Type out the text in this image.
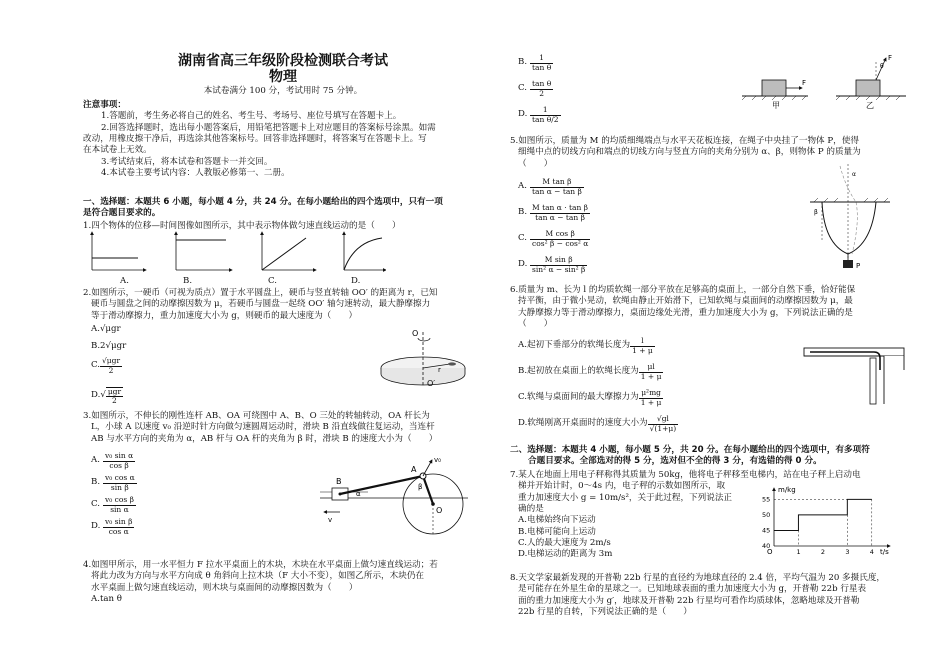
湖南省高三年级阶段检测联合考试
物理
本试卷满分 100 分，考试用时 75 分钟。
注意事项：
1.答题前，考生务必将自己的姓名、考生号、考场号、座位号填写在答题卡上。
2.回答选择题时，选出每小题答案后，用铅笔把答题卡上对应题目的答案标号涂黑。如需
改动，用橡皮擦干净后，再选涂其他答案标号。回答非选择题时，将答案写在答题卡上。写
在本试卷上无效。
3.考试结束后，将本试卷和答题卡一并交回。
4.本试卷主要考试内容：人教版必修第一、二册。
一、选择题：本题共 6 小题，每小题 4 分，共 24 分。在每小题给出的四个选项中，只有一项
是符合题目要求的。
1.四个物体的位移—时间图像如图所示，其中表示物体做匀速直线运动的是（　　）
A.	B.	C.	D.
2.如图所示，一硬币（可视为质点）置于水平圆盘上，硬币与竖直转轴 OO′ 的距离为 r，已知
硬币与圆盘之间的动摩擦因数为 μ，若硬币与圆盘一起绕 OO′ 轴匀速转动，最大静摩擦力
等于滑动摩擦力，重力加速度大小为 g，则硬币的最大速度为（　　）
A.√μgr
B.2√μgr
C. $\frac{\text{√μgr}}{2}$
D. √ $\frac{\text{μgr}}{2}$
O
O′
r
3.如图所示，不伸长的刚性连杆 AB、OA 可绕图中 A、B、O 三处的转轴转动，OA 杆长为
L，小球 A 以速度 v₀ 沿逆时针方向做匀速圆周运动时，滑块 B 沿直线做往复运动，当连杆
AB 与水平方向的夹角为 α，AB 杆与 OA 杆的夹角为 β 时，滑块 B 的速度大小为（　　）
A. $\frac{\text{v₀ sin α}}{\text{cos β}}$
B. $\frac{\text{v₀ cos α}}{\text{sin β}}$
C. $\frac{\text{v₀ cos β}}{\text{sin α}}$
D. $\frac{\text{v₀ sin β}}{\text{cos α}}$
B
A
O
v₀
v
α
β
4.如图甲所示，用一水平恒力 F 拉水平桌面上的木块，木块在水平桌面上做匀速直线运动；若
将此力改为方向与水平方向成 θ 角斜向上拉木块（F 大小不变），如图乙所示，木块仍在
水平桌面上做匀速直线运动，则木块与桌面间的动摩擦因数为（　　）
A.tan θ
B. $\frac{1}{\text{tan θ}}$
C. $\frac{\text{tan θ}}{2}$
D. $\frac{1}{\text{tan θ/2}}$
F
甲
F
θ
乙
5.如图所示，质量为 M 的均质细绳端点与水平天花板连接，在绳子中央挂了一物体 P，使得
细绳中点的切线方向和端点的切线方向与竖直方向的夹角分别为 α、β，则物体 P 的质量为
（　　）
A. $\frac{\text{M tan β}}{\text{tan α − tan β}}$
B. $\frac{\text{M tan α · tan β}}{\text{tan α − tan β}}$
C. $\frac{\text{M cos β}}{\text{cos² β − cos² α}}$
D. $\frac{\text{M sin β}}{\text{sin² α − sin² β}}$	P
α
β
6.质量为 m、长为 l 的均质软绳一部分平放在足够高的桌面上，一部分自然下垂，恰好能保
持平衡，由于微小晃动，软绳由静止开始滑下，已知软绳与桌面间的动摩擦因数为 μ，最
大静摩擦力等于滑动摩擦力，桌面边缘处光滑，重力加速度大小为 g，下列说法正确的是
（　　）
A.起初下垂部分的软绳长度为 $\frac{l}{1 + \mu}$
B.起初放在桌面上的软绳长度为 $\frac{\mu l}{1 + \mu}$
C.软绳与桌面间的最大摩擦力为 $\frac{\text{μ²mg}}{1 + \mu}$
D.软绳刚离开桌面时的速度大小为 $\frac{√gl}{√(1+\mu)}$
二、选择题：本题共 4 小题，每小题 5 分，共 20 分。在每小题给出的四个选项中，有多项符
合题目要求。全部选对的得 5 分，选对但不全的得 3 分，有选错的得 0 分。
7.某人在地面上用电子秤称得其质量为 50kg，他将电子秤移至电梯内，站在电子秤上启动电
梯并开始计时，0～4s 内，电子秤的示数如图所示，取
重力加速度大小 g = 10m/s²，关于此过程，下列说法正
确的是
A.电梯始终向下运动
B.电梯可能向上运动
C.人的最大速度为 2m/s
D.电梯运动的距离为 3m	1	2	3	4
40
45
50
55
m/kg
t/s
O
8.天文学家最新发现的开普勒 22b 行星的直径约为地球直径的 2.4 倍，平均气温为 20 多摄氏度，
是可能存在外星生命的星球之一。已知地球表面的重力加速度大小为 g，开普勒 22b 行星表
面的重力加速度大小为 g′，地球及开普勒 22b 行星均可看作均质球体，忽略地球及开普勒
22b 行星的自转，下列说法正确的是（　　）
